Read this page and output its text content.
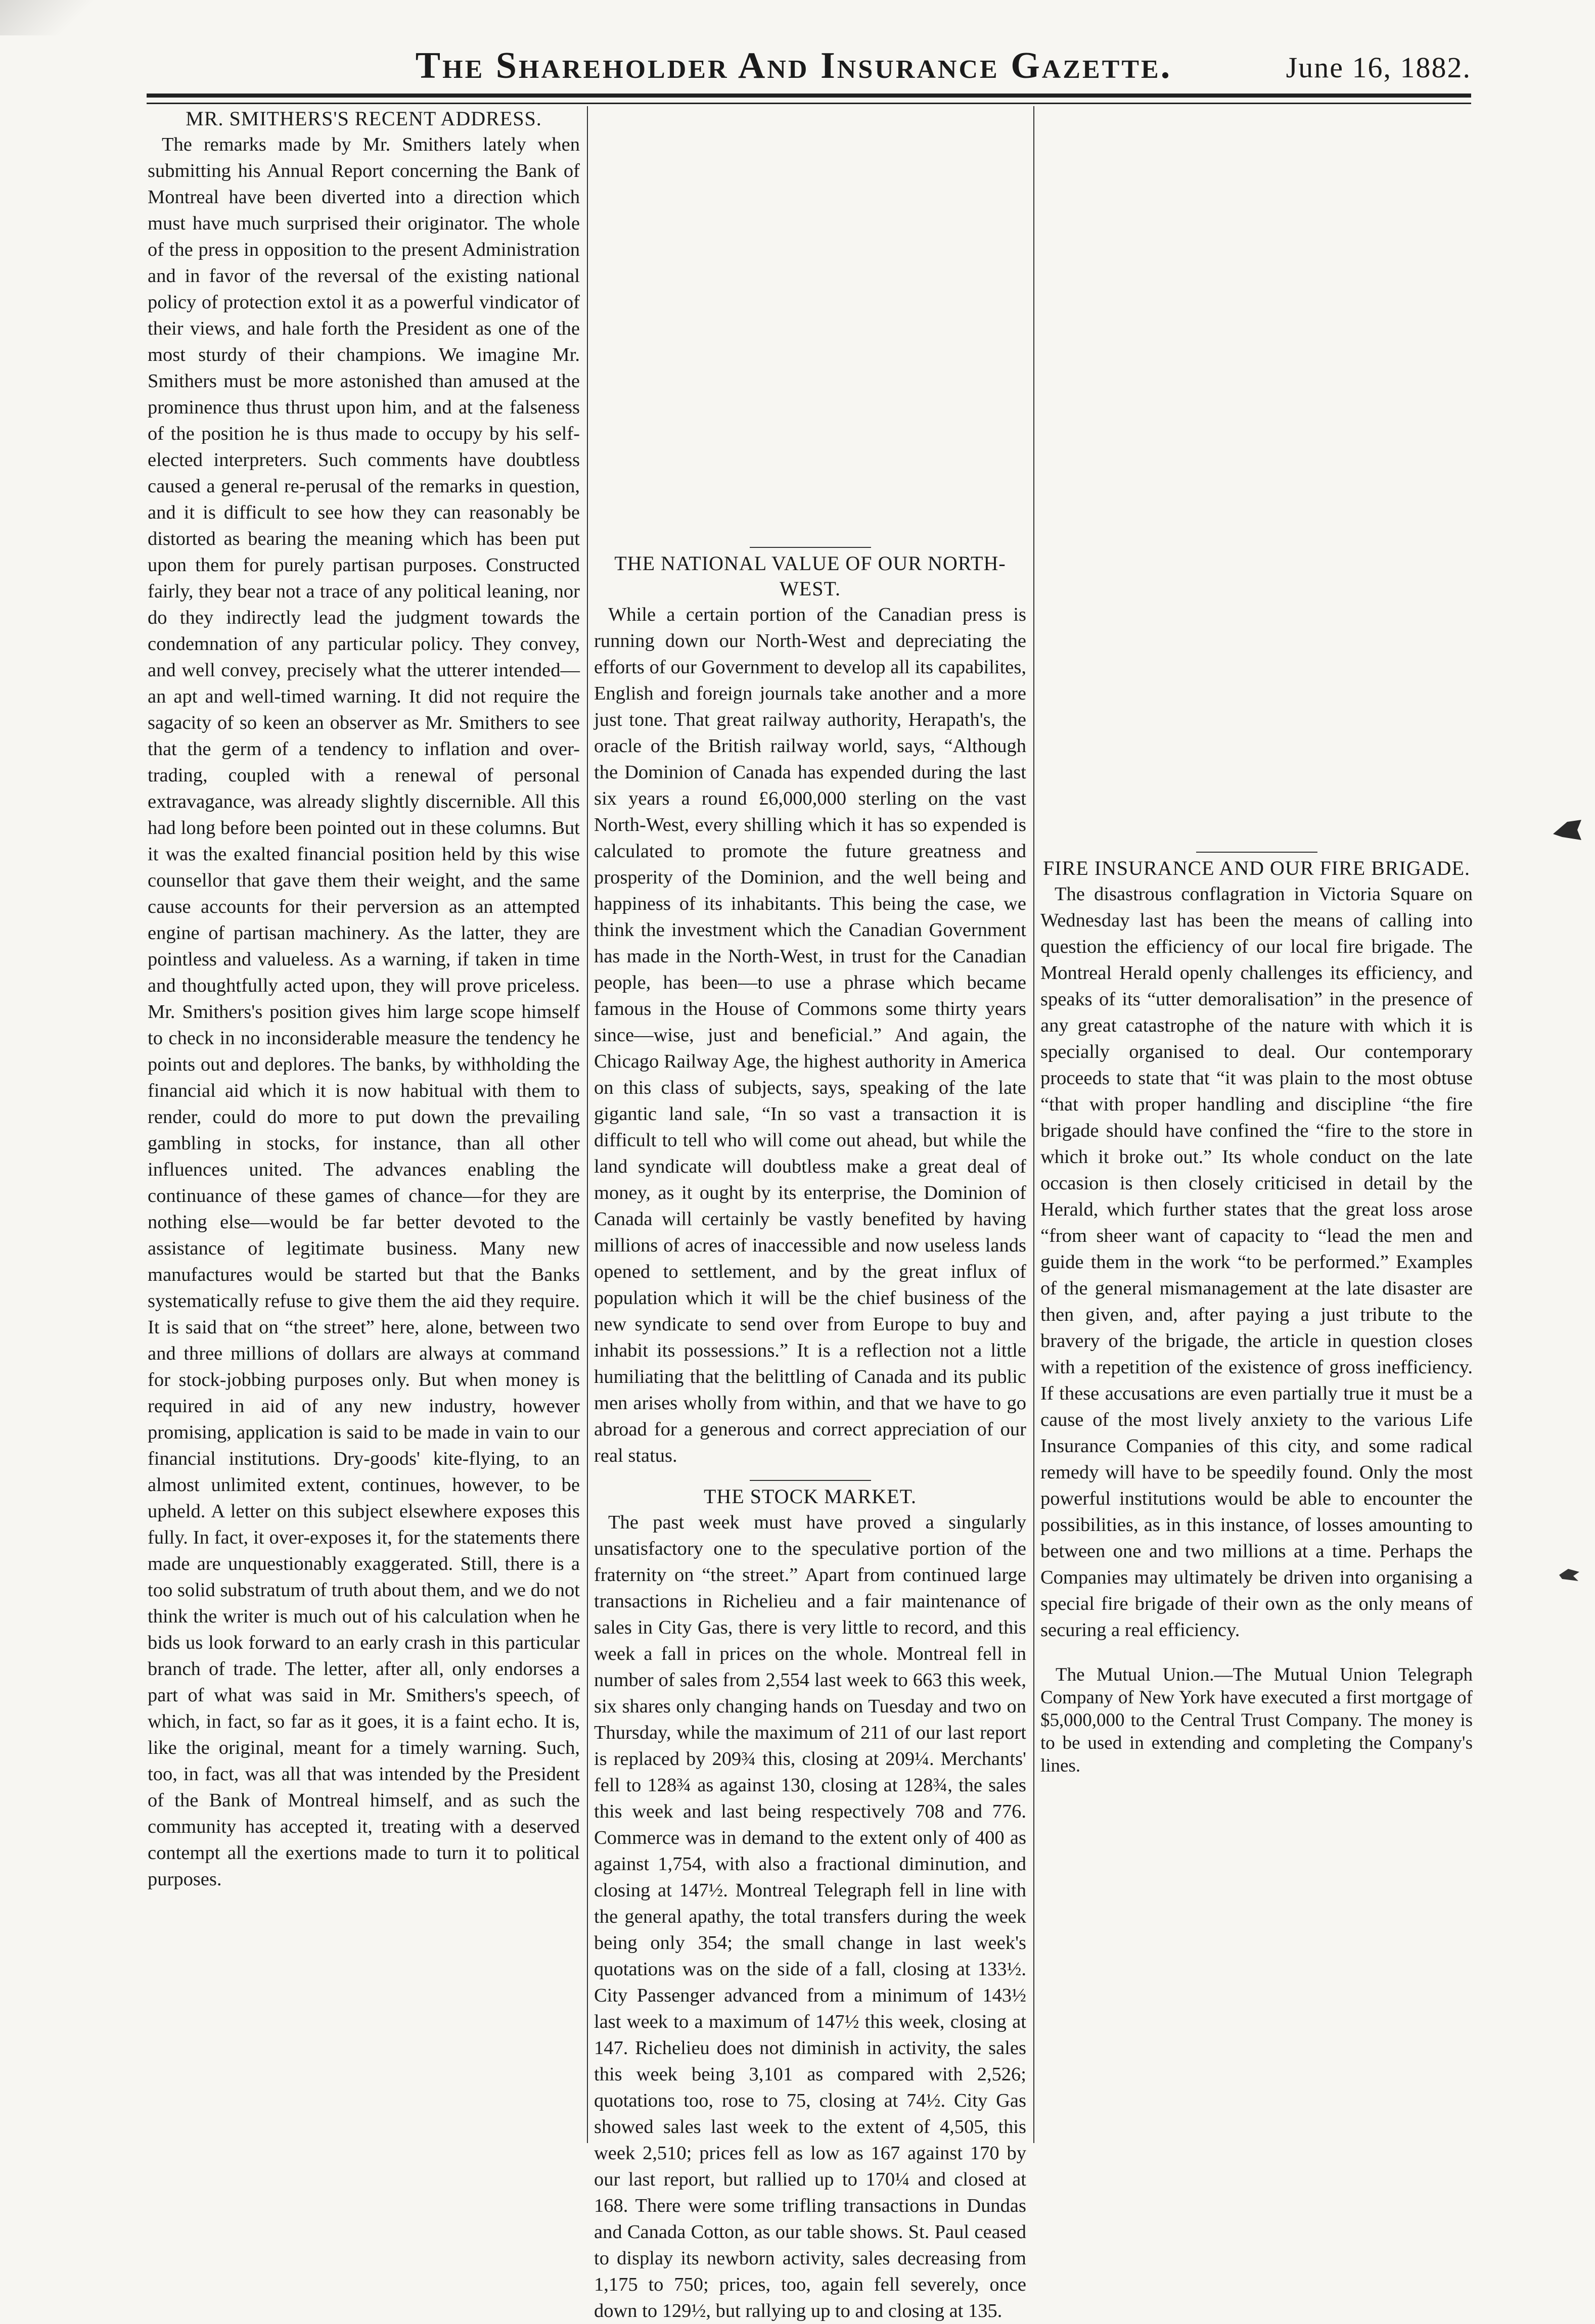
The Shareholder And Insurance Gazette.	June 16, 1882.
MR. SMITHERS'S RECENT ADDRESS.

The remarks made by Mr. Smithers lately when submitting his Annual Report concerning the Bank of Montreal have been diverted into a direction which must have much surprised their originator. The whole of the press in opposition to the present Administration and in favor of the reversal of the existing national policy of protection extol it as a powerful vindicator of their views, and hale forth the President as one of the most sturdy of their champions. We imagine Mr. Smithers must be more astonished than amused at the prominence thus thrust upon him, and at the falseness of the position he is thus made to occupy by his self-elected interpreters. Such comments have doubtless caused a general re-perusal of the remarks in question, and it is difficult to see how they can reasonably be distorted as bearing the meaning which has been put upon them for purely partisan purposes. Constructed fairly, they bear not a trace of any political leaning, nor do they indirectly lead the judgment towards the condemnation of any particular policy. They convey, and well convey, precisely what the utterer intended—an apt and well-timed warning. It did not require the sagacity of so keen an observer as Mr. Smithers to see that the germ of a tendency to inflation and over-trading, coupled with a renewal of personal extravagance, was already slightly discernible. All this had long before been pointed out in these columns. But it was the exalted financial position held by this wise counsellor that gave them their weight, and the same cause accounts for their perversion as an attempted engine of partisan machinery. As the latter, they are pointless and valueless. As a warning, if taken in time and thoughtfully acted upon, they will prove priceless. Mr. Smithers's position gives him large scope himself to check in no inconsiderable measure the tendency he points out and deplores. The banks, by withholding the financial aid which it is now habitual with them to render, could do more to put down the prevailing gambling in stocks, for instance, than all other influences united. The advances enabling the continuance of these games of chance—for they are nothing else—would be far better devoted to the assistance of legitimate business. Many new manufactures would be started but that the Banks systematically refuse to give them the aid they require. It is said that on “the street” here, alone, between two and three millions of dollars are always at command for stock-jobbing purposes only. But when money is required in aid of any new industry, however promising, application is said to be made in vain to our financial institutions. Dry-goods' kite-flying, to an almost unlimited extent, continues, however, to be upheld. A letter on this subject elsewhere exposes this fully. In fact, it over-exposes it, for the statements there made are unquestionably exaggerated. Still, there is a too solid substratum of truth about them, and we do not think the writer is much out of his calculation when he bids us look forward to an early crash in this particular branch of trade. The letter, after all, only endorses a part of what was said in Mr. Smithers's speech, of which, in fact, so far as it goes, it is a faint echo. It is, like the original, meant for a timely warning. Such, too, in fact, was all that was intended by the President of the Bank of Montreal himself, and as such the community has accepted it, treating with a deserved contempt all the exertions made to turn it to political purposes.

THE NATIONAL VALUE OF OUR NORTH-WEST.

While a certain portion of the Canadian press is running down our North-West and depreciating the efforts of our Government to develop all its capabilites, English and foreign journals take another and a more just tone. That great railway authority, Herapath's, the oracle of the British railway world, says, “Although the Dominion of Canada has expended during the last six years a round £6,000,000 sterling on the vast North-West, every shilling which it has so expended is calculated to promote the future greatness and prosperity of the Dominion, and the well being and happiness of its inhabitants. This being the case, we think the investment which the Canadian Government has made in the North-West, in trust for the Canadian people, has been—to use a phrase which became famous in the House of Commons some thirty years since—wise, just and beneficial.” And again, the Chicago Railway Age, the highest authority in America on this class of subjects, says, speaking of the late gigantic land sale, “In so vast a transaction it is difficult to tell who will come out ahead, but while the land syndicate will doubtless make a great deal of money, as it ought by its enterprise, the Dominion of Canada will certainly be vastly benefited by having millions of acres of inaccessible and now useless lands opened to settlement, and by the great influx of population which it will be the chief business of the new syndicate to send over from Europe to buy and inhabit its possessions.” It is a reflection not a little humiliating that the belittling of Canada and its public men arises wholly from within, and that we have to go abroad for a generous and correct appreciation of our real status.

THE STOCK MARKET.

The past week must have proved a singularly unsatisfactory one to the speculative portion of the fraternity on “the street.” Apart from continued large transactions in Richelieu and a fair maintenance of sales in City Gas, there is very little to record, and this week a fall in prices on the whole. Montreal fell in number of sales from 2,554 last week to 663 this week, six shares only changing hands on Tuesday and two on Thursday, while the maximum of 211 of our last report is replaced by 209¾ this, closing at 209¼. Merchants' fell to 128¾ as against 130, closing at 128¾, the sales this week and last being respectively 708 and 776. Commerce was in demand to the extent only of 400 as against 1,754, with also a fractional diminution, and closing at 147½. Montreal Telegraph fell in line with the general apathy, the total transfers during the week being only 354; the small change in last week's quotations was on the side of a fall, closing at 133½. City Passenger advanced from a minimum of 143½ last week to a maximum of 147½ this week, closing at 147. Richelieu does not diminish in activity, the sales this week being 3,101 as compared with 2,526; quotations too, rose to 75, closing at 74½. City Gas showed sales last week to the extent of 4,505, this week 2,510; prices fell as low as 167 against 170 by our last report, but rallied up to 170¼ and closed at 168. There were some trifling transactions in Dundas and Canada Cotton, as our table shows. St. Paul ceased to display its newborn activity, sales decreasing from 1,175 to 750; prices, too, again fell severely, once down to 129½, but rallying up to and closing at 135.

FIRE INSURANCE AND OUR FIRE BRIGADE.

The disastrous conflagration in Victoria Square on Wednesday last has been the means of calling into question the efficiency of our local fire brigade. The Montreal Herald openly challenges its efficiency, and speaks of its “utter demoralisation” in the presence of any great catastrophe of the nature with which it is specially organised to deal. Our contemporary proceeds to state that “it was plain to the most obtuse “that with proper handling and discipline “the fire brigade should have confined the “fire to the store in which it broke out.” Its whole conduct on the late occasion is then closely criticised in detail by the Herald, which further states that the great loss arose “from sheer want of capacity to “lead the men and guide them in the work “to be performed.” Examples of the general mismanagement at the late disaster are then given, and, after paying a just tribute to the bravery of the brigade, the article in question closes with a repetition of the existence of gross inefficiency. If these accusations are even partially true it must be a cause of the most lively anxiety to the various Life Insurance Companies of this city, and some radical remedy will have to be speedily found. Only the most powerful institutions would be able to encounter the possibilities, as in this instance, of losses amounting to between one and two millions at a time. Perhaps the Companies may ultimately be driven into organising a special fire brigade of their own as the only means of securing a real efficiency.

The Mutual Union.—The Mutual Union Telegraph Company of New York have executed a first mortgage of $5,000,000 to the Central Trust Company. The money is to be used in extending and completing the Company's lines.
